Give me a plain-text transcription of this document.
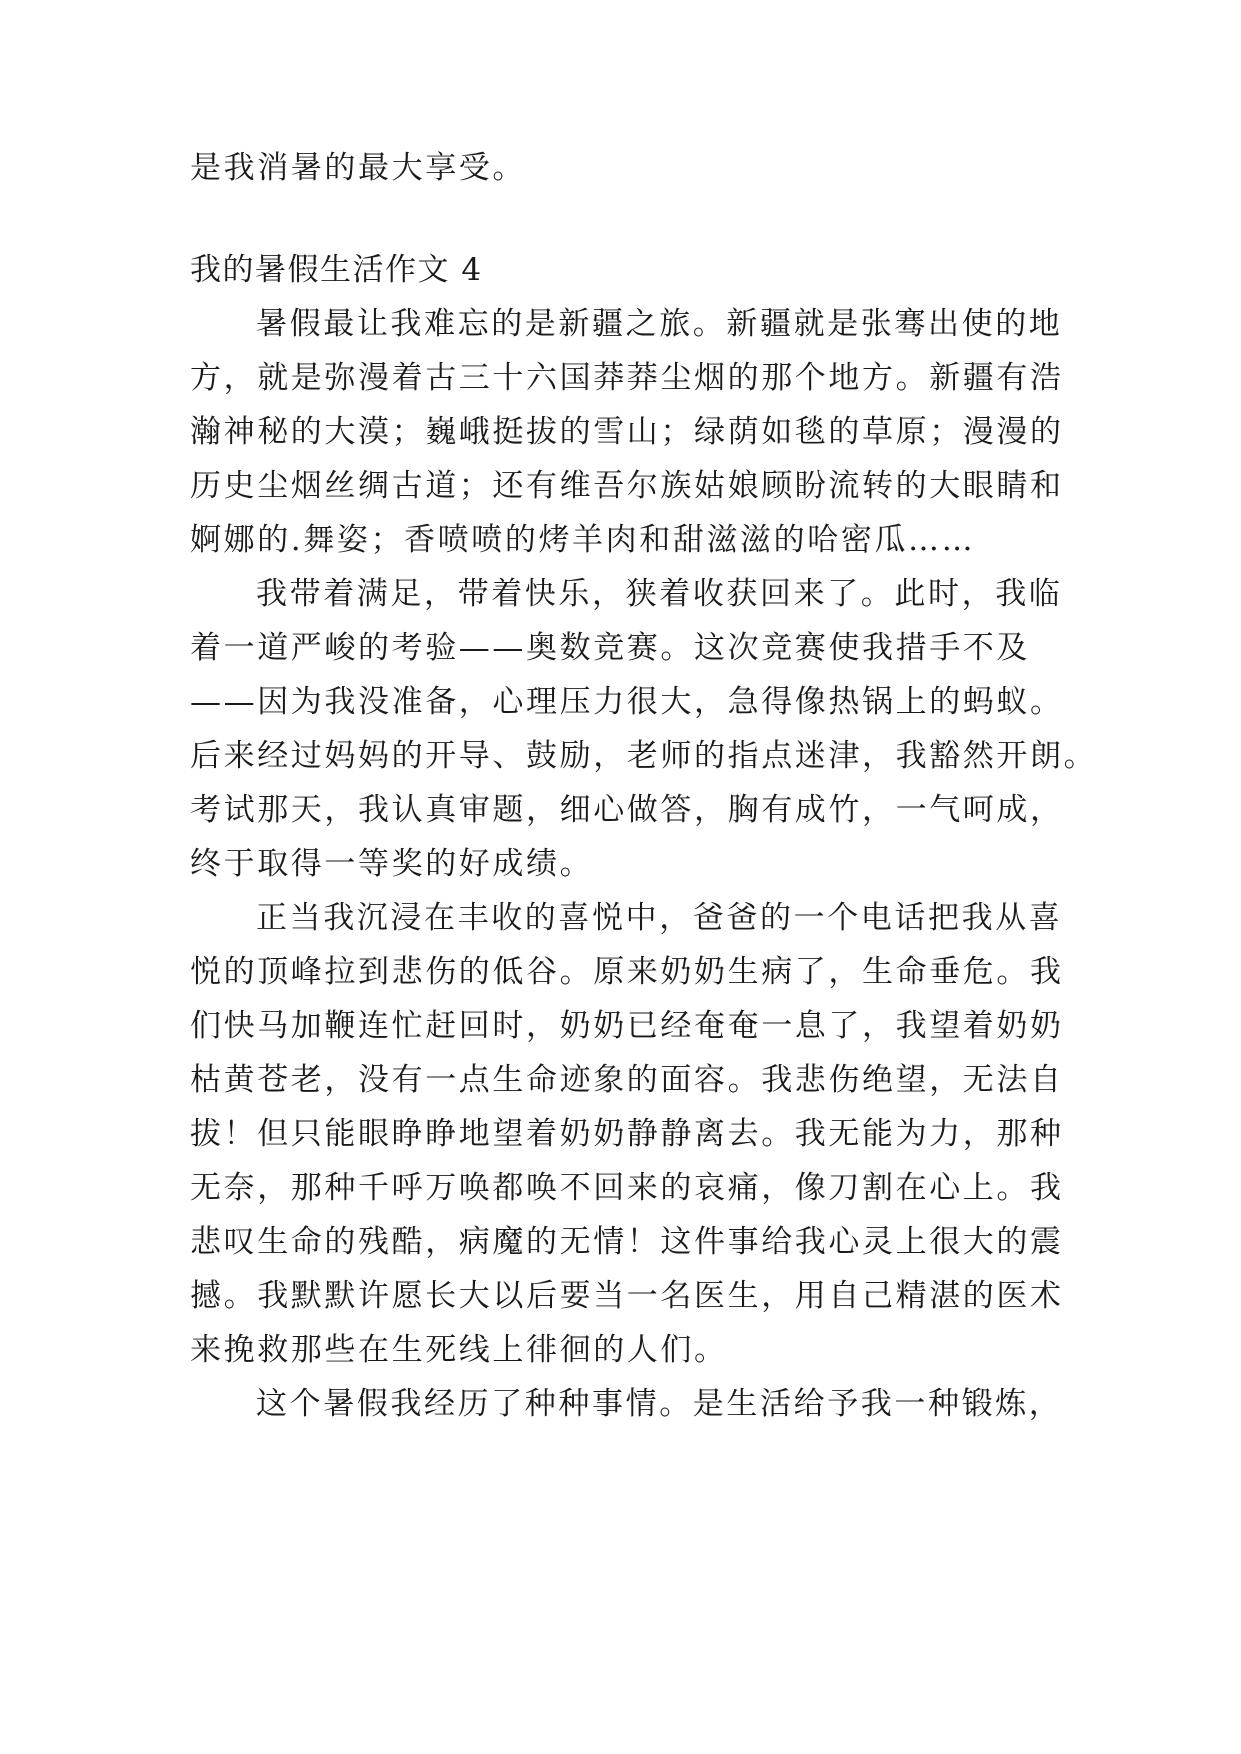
是我消暑的最大享受。
我的暑假生活作文 4
暑假最让我难忘的是新疆之旅。新疆就是张骞出使的地
方，就是弥漫着古三十六国莽莽尘烟的那个地方。新疆有浩
瀚神秘的大漠；巍峨挺拔的雪山；绿荫如毯的草原；漫漫的
历史尘烟丝绸古道；还有维吾尔族姑娘顾盼流转的大眼睛和
婀娜的.舞姿；香喷喷的烤羊肉和甜滋滋的哈密瓜……
我带着满足，带着快乐，狭着收获回来了。此时，我临
着一道严峻的考验——奥数竞赛。这次竞赛使我措手不及
——因为我没准备，心理压力很大，急得像热锅上的蚂蚁。
后来经过妈妈的开导、鼓励，老师的指点迷津，我豁然开朗。
考试那天，我认真审题，细心做答，胸有成竹，一气呵成，
终于取得一等奖的好成绩。
正当我沉浸在丰收的喜悦中，爸爸的一个电话把我从喜
悦的顶峰拉到悲伤的低谷。原来奶奶生病了，生命垂危。我
们快马加鞭连忙赶回时，奶奶已经奄奄一息了，我望着奶奶
枯黄苍老，没有一点生命迹象的面容。我悲伤绝望，无法自
拔！但只能眼睁睁地望着奶奶静静离去。我无能为力，那种
无奈，那种千呼万唤都唤不回来的哀痛，像刀割在心上。我
悲叹生命的残酷，病魔的无情！这件事给我心灵上很大的震
撼。我默默许愿长大以后要当一名医生，用自己精湛的医术
来挽救那些在生死线上徘徊的人们。
这个暑假我经历了种种事情。是生活给予我一种锻炼，
